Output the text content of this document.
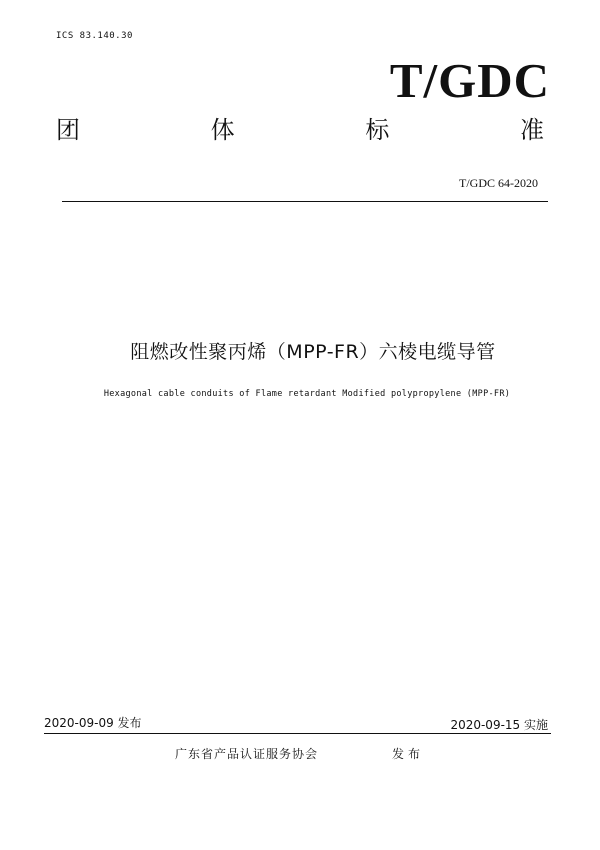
ICS 83.140.30
T/GDC
团	体	标	准
T/GDC 64-2020
阻燃改性聚丙烯（MPP-FR）六棱电缆导管
Hexagonal cable conduits of Flame retardant Modified polypropylene (MPP-FR)
2020-09-09 发布	2020-09-15 实施
广东省产品认证服务协会	发布
